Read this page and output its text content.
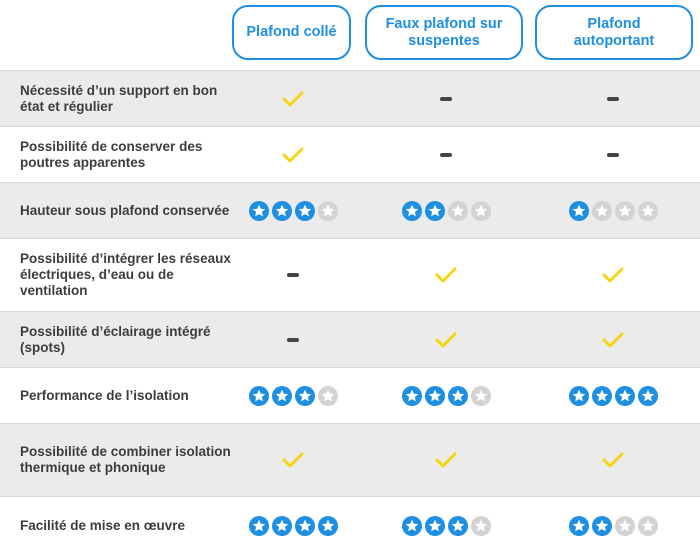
Plafond collé
Faux plafond sur suspentes
Plafond autoportant
Nécessité d’un support en bon état et régulier
Possibilité de conserver des poutres apparentes
Hauteur sous plafond conservée
Possibilité d’intégrer les réseaux électriques, d’eau ou de ventilation
Possibilité d’éclairage intégré (spots)
Performance de l’isolation
Possibilité de combiner isolation thermique et phonique
Facilité de mise en œuvre
